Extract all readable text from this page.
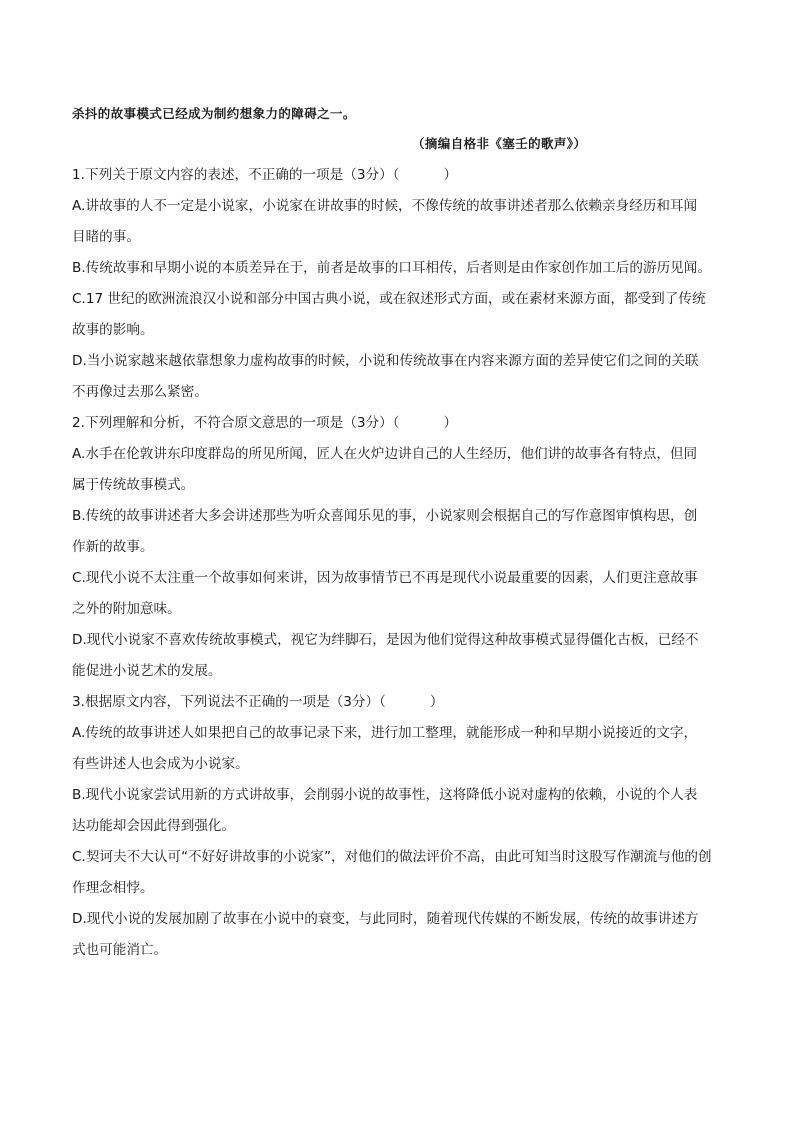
杀抖的故事模式已经成为制约想象力的障碍之一。
（摘编自格非《塞壬的歌声》）
1.下列关于原文内容的表述，不正确的一项是（3分）（	）
A.讲故事的人不一定是小说家，小说家在讲故事的时候，不像传统的故事讲述者那么依赖亲身经历和耳闻
目睹的事。
B.传统故事和早期小说的本质差异在于，前者是故事的口耳相传，后者则是由作家创作加工后的游历见闻。
C.17 世纪的欧洲流浪汉小说和部分中国古典小说，或在叙述形式方面，或在素材来源方面，都受到了传统
故事的影响。
D.当小说家越来越依靠想象力虚构故事的时候，小说和传统故事在内容来源方面的差异使它们之间的关联
不再像过去那么紧密。
2.下列理解和分析，不符合原文意思的一项是（3分）（	）
A.水手在伦敦讲东印度群岛的所见所闻，匠人在火炉边讲自己的人生经历，他们讲的故事各有特点，但同
属于传统故事模式。
B.传统的故事讲述者大多会讲述那些为听众喜闻乐见的事，小说家则会根据自己的写作意图审慎构思，创
作新的故事。
C.现代小说不太注重一个故事如何来讲，因为故事情节已不再是现代小说最重要的因素，人们更注意故事
之外的附加意味。
D.现代小说家不喜欢传统故事模式，视它为绊脚石，是因为他们觉得这种故事模式显得僵化古板，已经不
能促进小说艺术的发展。
3.根据原文内容，下列说法不正确的一项是（3分）（	）
A.传统的故事讲述人如果把自己的故事记录下来，进行加工整理，就能形成一种和早期小说接近的文字，
有些讲述人也会成为小说家。
B.现代小说家尝试用新的方式讲故事，会削弱小说的故事性，这将降低小说对虚构的依赖，小说的个人表
达功能却会因此得到强化。
C.契诃夫不大认可“不好好讲故事的小说家”，对他们的做法评价不高，由此可知当时这股写作潮流与他的创
作理念相悖。
D.现代小说的发展加剧了故事在小说中的衰变，与此同时，随着现代传媒的不断发展，传统的故事讲述方
式也可能消亡。
